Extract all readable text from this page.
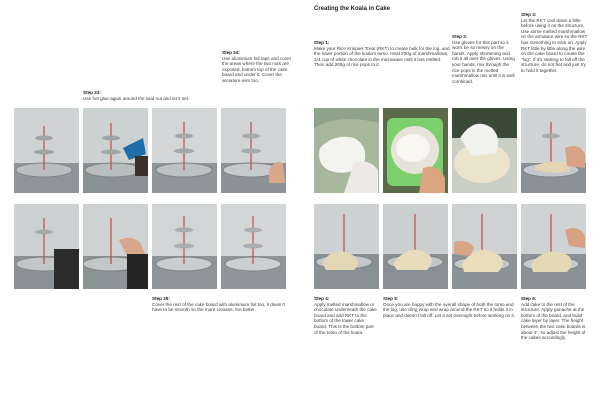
Step 23:
Use hot glue again around the said nut and let it set.
Step 24:
Use aluminium foil tape and cover the areas where the two nuts are exposed, bottom top of the cake board and under it. Cover the armature wire too.
Step 25:
Cover the rest of the cake board with aluminium foil too, it doesn't have to be smooth so the more creases, the better.
Creating the Koala in Cake
Step 1:
Make your Rice Krispies Treat (RKT) to create bulk for the log, and the lower portion of the koala's torso. Heat 200g of marshmallows, 1/4 cup of white chocolate in the microwave until it has melted. Then add 200g of rice pops to it.
Step 2:
Use gloves for this part so it won't be so messy on the hands. Apply shortening and rub it all over the gloves. Using your hands, mix through the rice pops in the melted marshmallow mix until it is well combined.
Step 3:
Let the RKT cool down a little before using it on the structure. Use some melted marshmallow on the armature wire so the RKT has something to stick on. Apply RKT little by little along the wire on the cake board to create the "log". If it's starting to fall off the structure, do not fret and just try to hold it together.
Step 4:
Apply melted marshmallow or chocolate underneath the cake board and add RKT to the bottom of the lower cake board. This is the bottom part of the torso of the koala.
Step 5:
Once you are happy with the overall shape of both the torso and the log, use cling wrap and wrap around the RKT so it holds it in place and doesn't fall off. Let it set overnight before working on it.
Step 6:
Add cake to the rest of the structure. Apply ganache at the bottom of the board, and build cake layer by layer. The height between the two cake boards is about 4", so adjust the height of the cakes accordingly.
